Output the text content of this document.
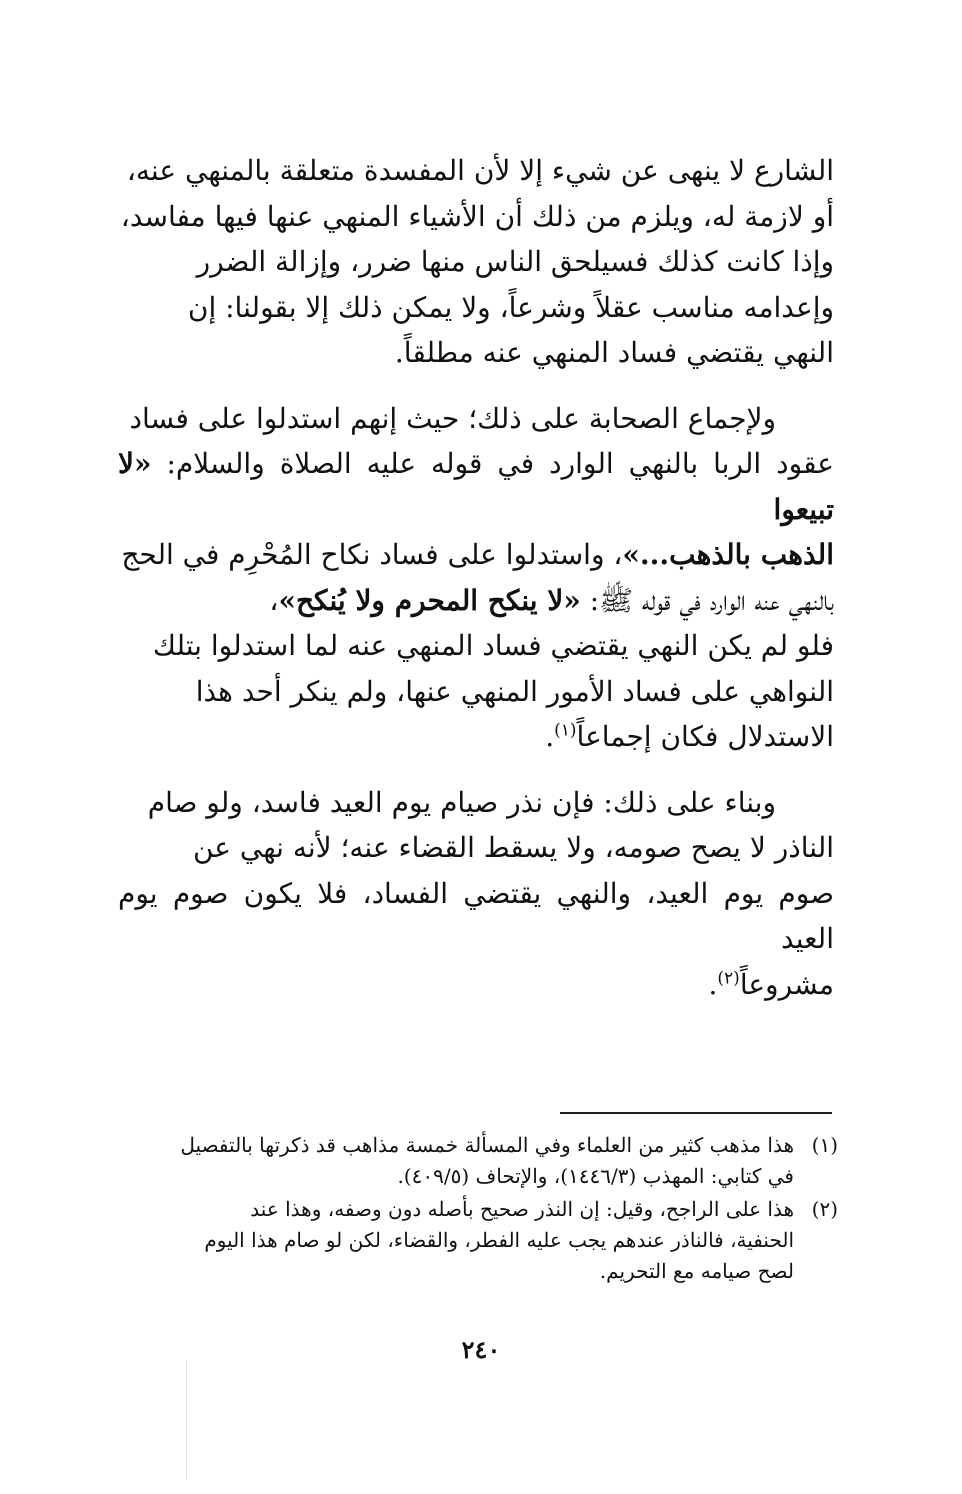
الشارع لا ينهى عن شيء إلا لأن المفسدة متعلقة بالمنهي عنه،

أو لازمة له، ويلزم من ذلك أن الأشياء المنهي عنها فيها مفاسد،

وإذا كانت كذلك فسيلحق الناس منها ضرر، وإزالة الضرر

وإعدامه مناسب عقلاً وشرعاً، ولا يمكن ذلك إلا بقولنا: إن

النهي يقتضي فساد المنهي عنه مطلقاً.

ولإجماع الصحابة على ذلك؛ حيث إنهم استدلوا على فساد

عقود الربا بالنهي الوارد في قوله عليه الصلاة والسلام: «لا تبيعوا

الذهب بالذهب...»، واستدلوا على فساد نكاح المُحْرِم في الحج

بالنهي عنه الوارد في قوله ﷺ: «لا ينكح المحرم ولا يُنكح»،

فلو لم يكن النهي يقتضي فساد المنهي عنه لما استدلوا بتلك

النواهي على فساد الأمور المنهي عنها، ولم ينكر أحد هذا

الاستدلال فكان إجماعاً$^{(١)}$.

وبناء على ذلك: فإن نذر صيام يوم العيد فاسد، ولو صام

الناذر لا يصح صومه، ولا يسقط القضاء عنه؛ لأنه نهي عن

صوم يوم العيد، والنهي يقتضي الفساد، فلا يكون صوم يوم العيد

مشروعاً$^{(٢)}$.

(١)
هذا مذهب كثير من العلماء وفي المسألة خمسة مذاهب قد ذكرتها بالتفصيل
في كتابي: المهذب (١٤٤٦/٣)، والإتحاف (٤٠٩/٥).
(٢)
هذا على الراجح، وقيل: إن النذر صحيح بأصله دون وصفه، وهذا عند
الحنفية، فالناذر عندهم يجب عليه الفطر، والقضاء، لكن لو صام هذا اليوم
لصح صيامه مع التحريم.
٢٤٠
